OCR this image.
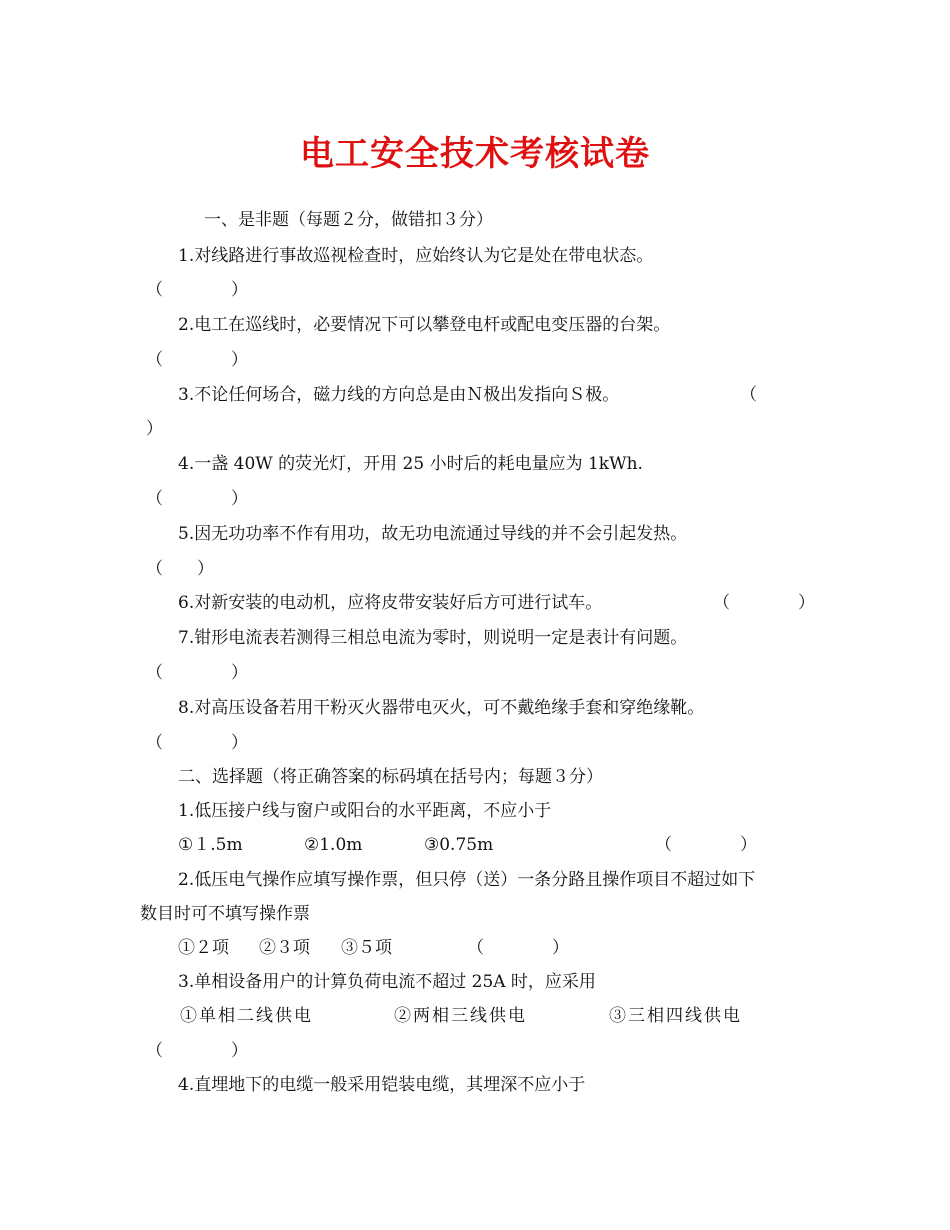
电工安全技术考核试卷
一、是非题（每题２分，做错扣３分）
1.对线路进行事故巡视检查时，应始终认为它是处在带电状态。
（　　　　）
2.电工在巡线时，必要情况下可以攀登电杆或配电变压器的台架。
（　　　　）
3.不论任何场合，磁力线的方向总是由Ｎ极出发指向Ｓ极。	（
）
4.一盏 40W 的荧光灯，开用 25 小时后的耗电量应为 1kWh.
（　　　　）
5.因无功功率不作有用功，故无功电流通过导线的并不会引起发热。
（　　）
6.对新安装的电动机，应将皮带安装好后方可进行试车。	（　　　　）
7.钳形电流表若测得三相总电流为零时，则说明一定是表计有问题。
（　　　　）
8.对高压设备若用干粉灭火器带电灭火，可不戴绝缘手套和穿绝缘靴。
（　　　　）
二、选择题（将正确答案的标码填在括号内；每题３分）
1.低压接户线与窗户或阳台的水平距离，不应小于
①１.5m	②1.0m	③0.75m	（　　　　）
2.低压电气操作应填写操作票，但只停（送）一条分路且操作项目不超过如下
数目时可不填写操作票
①２项 ②３项 ③５项	（　　　　）
3.单相设备用户的计算负荷电流不超过 25A 时，应采用
①单相二线供电	②两相三线供电	③三相四线供电
（　　　　）
4.直埋地下的电缆一般采用铠装电缆，其埋深不应小于
